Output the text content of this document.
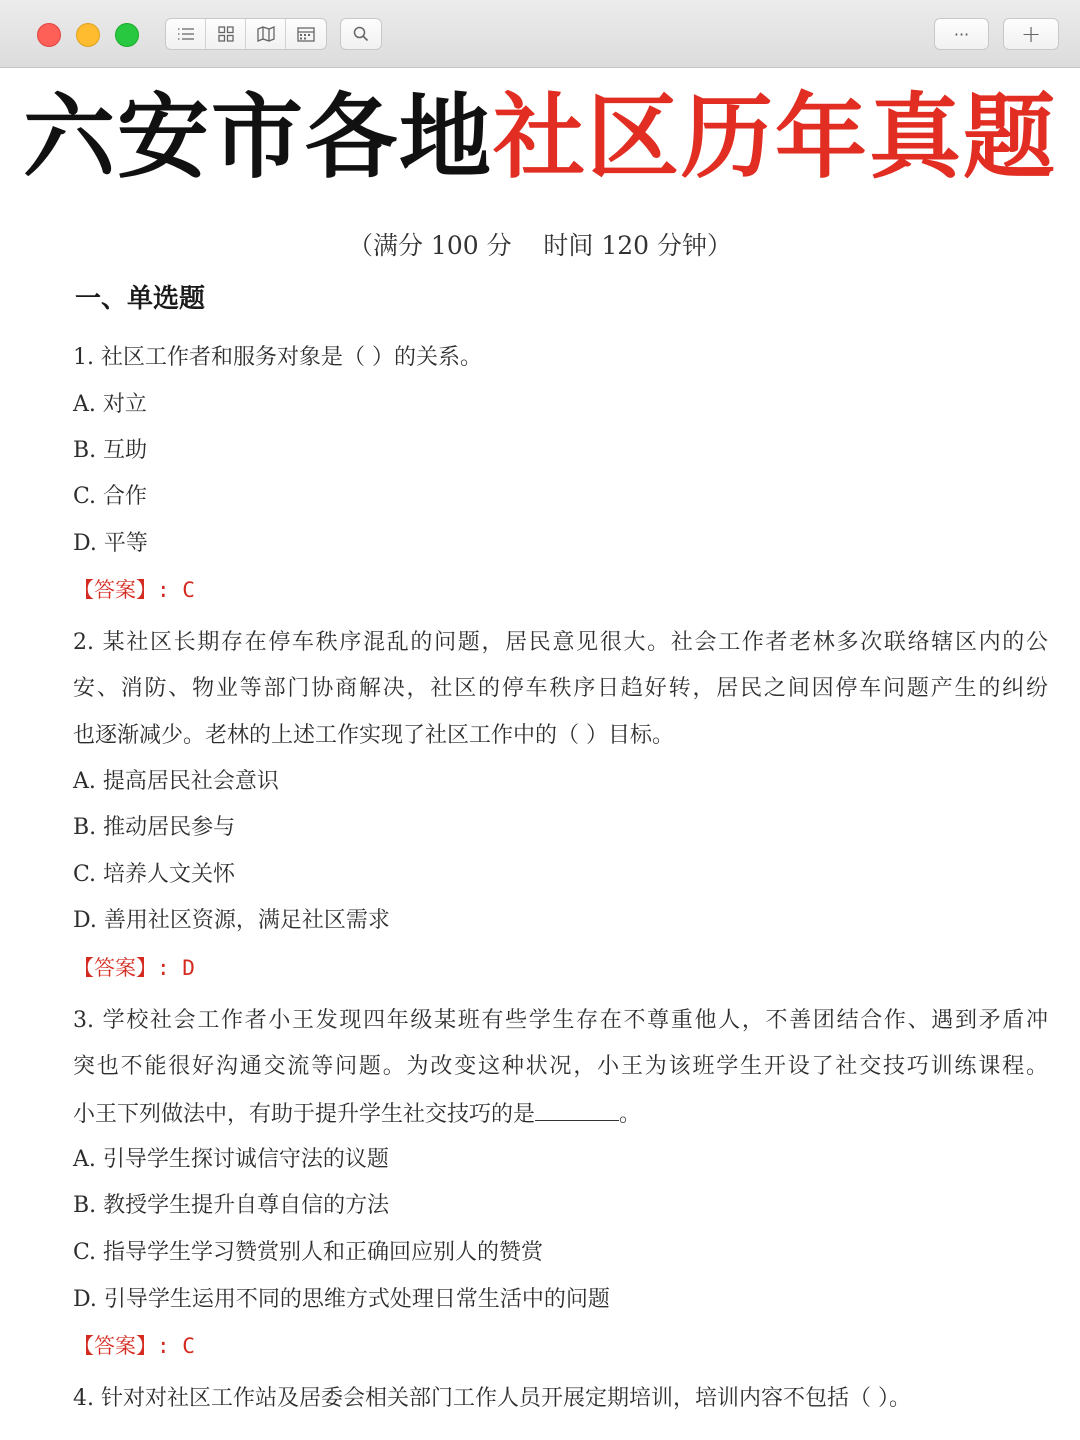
···	+
六安市各地社区历年真题
（满分 100 分    时间 120 分钟）
一、单选题
1. 社区工作者和服务对象是（ ）的关系。
A. 对立
B. 互助
C. 合作
D. 平等
【答案】: C
2. 某社区长期存在停车秩序混乱的问题，居民意见很大。社会工作者老林多次联络辖区内的公
安、消防、物业等部门协商解决，社区的停车秩序日趋好转，居民之间因停车问题产生的纠纷
也逐渐减少。老林的上述工作实现了社区工作中的（ ）目标。
A. 提高居民社会意识
B. 推动居民参与
C. 培养人文关怀
D. 善用社区资源，满足社区需求
【答案】: D
3. 学校社会工作者小王发现四年级某班有些学生存在不尊重他人，不善团结合作、遇到矛盾冲
突也不能很好沟通交流等问题。为改变这种状况，小王为该班学生开设了社交技巧训练课程。
小王下列做法中，有助于提升学生社交技巧的是	。
A. 引导学生探讨诚信守法的议题
B. 教授学生提升自尊自信的方法
C. 指导学生学习赞赏别人和正确回应别人的赞赏
D. 引导学生运用不同的思维方式处理日常生活中的问题
【答案】: C
4. 针对对社区工作站及居委会相关部门工作人员开展定期培训，培训内容不包括（ ）。
